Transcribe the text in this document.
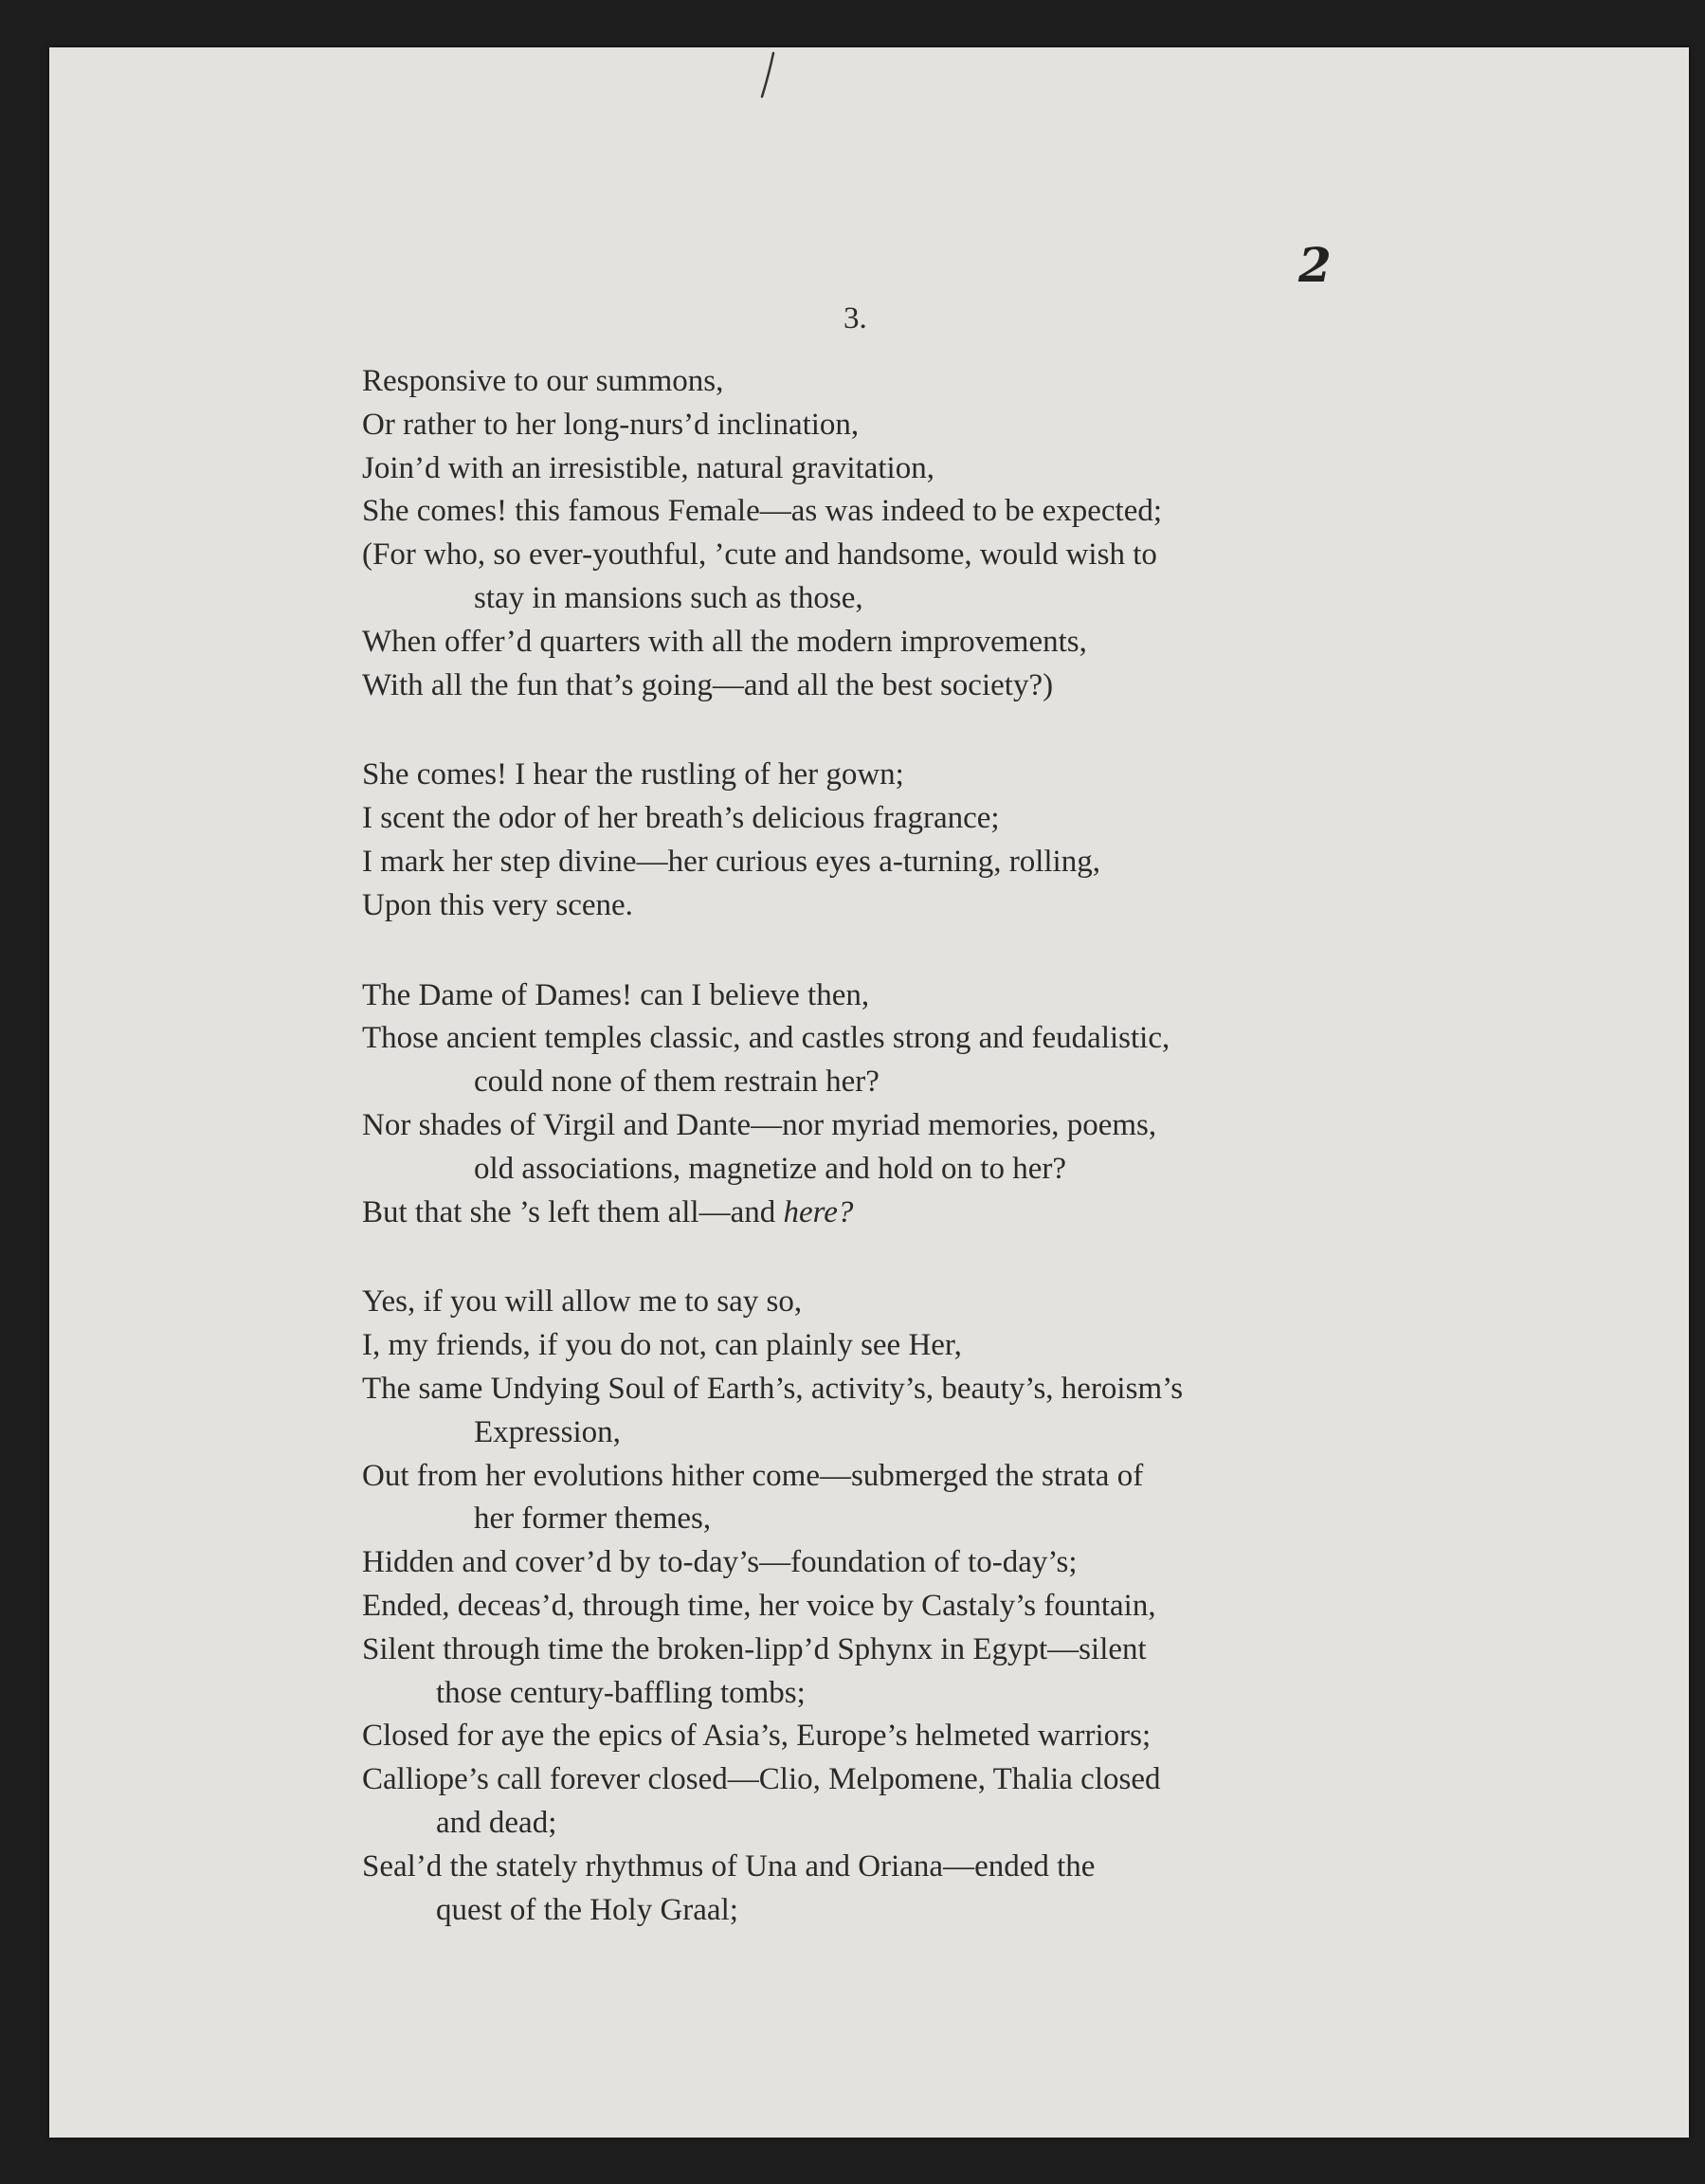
2

3.

Responsive to our summons,
Or rather to her long-nurs’d inclination,
Join’d with an irresistible, natural gravitation,
She comes! this famous Female—as was indeed to be expected;
(For who, so ever-youthful, ’cute and handsome, would wish to
stay in mansions such as those,
When offer’d quarters with all the modern improvements,
With all the fun that’s going—and all the best society?)
She comes! I hear the rustling of her gown;
I scent the odor of her breath’s delicious fragrance;
I mark her step divine—her curious eyes a-turning, rolling,
Upon this very scene.
The Dame of Dames! can I believe then,
Those ancient temples classic, and castles strong and feudalistic,
could none of them restrain her?
Nor shades of Virgil and Dante—nor myriad memories, poems,
old associations, magnetize and hold on to her?
But that she ’s left them all—and here?
Yes, if you will allow me to say so,
I, my friends, if you do not, can plainly see Her,
The same Undying Soul of Earth’s, activity’s, beauty’s, heroism’s
Expression,
Out from her evolutions hither come—submerged the strata of
her former themes,
Hidden and cover’d by to-day’s—foundation of to-day’s;
Ended, deceas’d, through time, her voice by Castaly’s fountain,
Silent through time the broken-lipp’d Sphynx in Egypt—silent
those century-baffling tombs;
Closed for aye the epics of Asia’s, Europe’s helmeted warriors;
Calliope’s call forever closed—Clio, Melpomene, Thalia closed
and dead;
Seal’d the stately rhythmus of Una and Oriana—ended the
quest of the Holy Graal;
